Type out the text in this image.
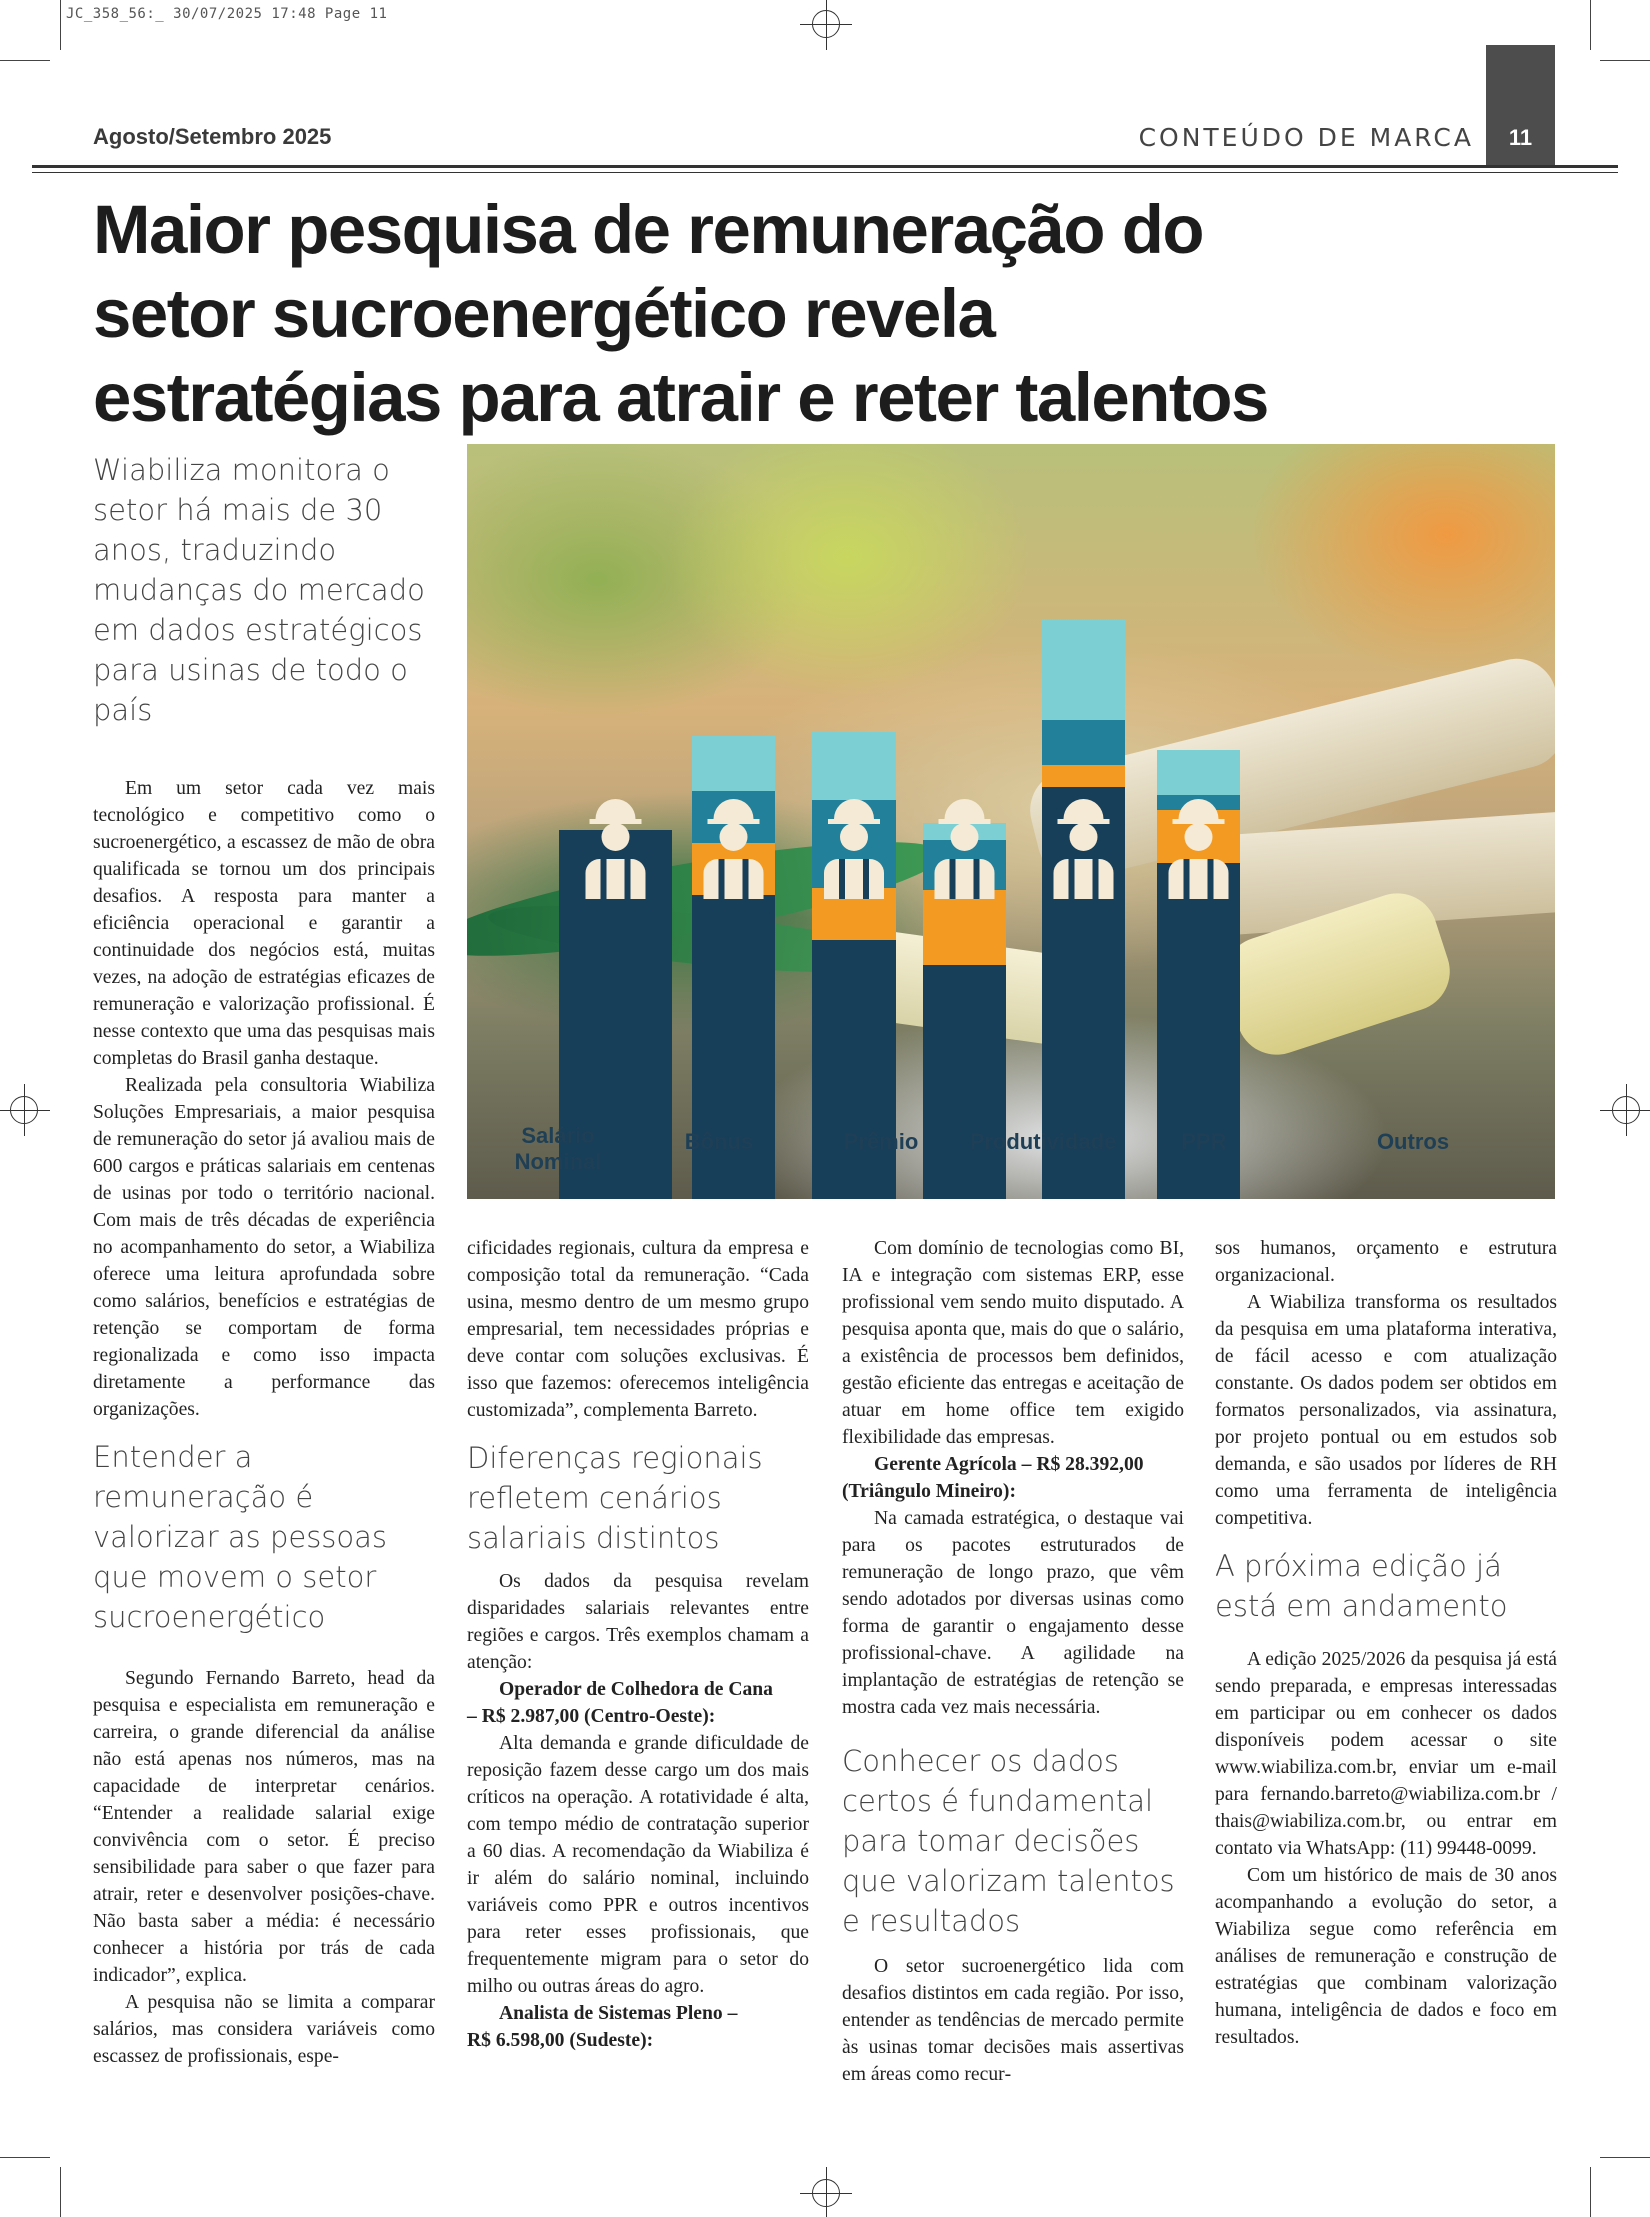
JC_358_56:_ 30/07/2025 17:48 Page 11
Agosto/Setembro 2025	CONTEÚDO DE MARCA	11
Maior pesquisa de remuneração do
setor sucroenergético revela
estratégias para atrair e reter talentos
Wiabiliza monitora o setor há mais de 30 anos, traduzindo mudanças do mercado em dados estratégicos para usinas de todo o país
Salário
Nominal
Bônus	Prêmio Produtividade	PPR	Outros

Em um setor cada vez mais tecnológico e competitivo como o sucroenergético, a escassez de mão de obra qualificada se tornou um dos principais desafios. A resposta para manter a eficiência operacional e garantir a continuidade dos negócios está, muitas vezes, na adoção de estratégias eficazes de remuneração e valorização profissional. É nesse contexto que uma das pesquisas mais completas do Brasil ganha destaque.

Realizada pela consultoria Wiabiliza Soluções Empresariais, a maior pesquisa de remuneração do setor já avaliou mais de 600 cargos e práticas salariais em centenas de usinas por todo o território nacional. Com mais de três décadas de experiência no acompanhamento do setor, a Wiabiliza oferece uma leitura aprofundada sobre como salários, benefícios e estratégias de retenção se comportam de forma regionalizada e como isso impacta diretamente a performance das organizações.

Entender a remuneração é valorizar as pessoas que movem o setor sucroenergético

Segundo Fernando Barreto, head da pesquisa e especialista em remuneração e carreira, o grande diferencial da análise não está apenas nos números, mas na capacidade de interpretar cenários. “Entender a realidade salarial exige convivência com o setor. É preciso sensibilidade para saber o que fazer para atrair, reter e desenvolver posições‑chave. Não basta saber a média: é necessário conhecer a história por trás de cada indicador”, explica.

A pesquisa não se limita a comparar salários, mas considera variáveis como escassez de profissionais, espe‑

cificidades regionais, cultura da empresa e composição total da remuneração. “Cada usina, mesmo dentro de um mesmo grupo empresarial, tem necessidades próprias e deve contar com soluções exclusivas. É isso que fazemos: oferecemos inteligência customizada”, complementa Barreto.

Diferenças regionais refletem cenários salariais distintos

Os dados da pesquisa revelam disparidades salariais relevantes entre regiões e cargos. Três exemplos chamam a atenção:

Operador de Colhedora de Cana

– R$ 2.987,00 (Centro‑Oeste):

Alta demanda e grande dificuldade de reposição fazem desse cargo um dos mais críticos na operação. A rotatividade é alta, com tempo médio de contratação superior a 60 dias. A recomendação da Wiabiliza é ir além do salário nominal, incluindo variáveis como PPR e outros incentivos para reter esses profissionais, que frequentemente migram para o setor do milho ou outras áreas do agro.

Analista de Sistemas Pleno –

R$ 6.598,00 (Sudeste):

Com domínio de tecnologias como BI, IA e integração com sistemas ERP, esse profissional vem sendo muito disputado. A pesquisa aponta que, mais do que o salário, a existência de processos bem definidos, gestão eficiente das entregas e aceitação de atuar em home office tem exigido flexibilidade das empresas.

Gerente Agrícola – R$ 28.392,00

(Triângulo Mineiro):

Na camada estratégica, o destaque vai para os pacotes estruturados de remuneração de longo prazo, que vêm sendo adotados por diversas usinas como forma de garantir o engajamento desse profissional‑chave. A agilidade na implantação de estratégias de retenção se mostra cada vez mais necessária.

Conhecer os dados certos é fundamental para tomar decisões que valorizam talentos e resultados

O setor sucroenergético lida com desafios distintos em cada região. Por isso, entender as tendências de mercado permite às usinas tomar decisões mais assertivas em áreas como recur‑

sos humanos, orçamento e estrutura organizacional.

A Wiabiliza transforma os resultados da pesquisa em uma plataforma interativa, de fácil acesso e com atualização constante. Os dados podem ser obtidos em formatos personalizados, via assinatura, por projeto pontual ou em estudos sob demanda, e são usados por líderes de RH como uma ferramenta de inteligência competitiva.

A próxima edição já está em andamento

A edição 2025/2026 da pesquisa já está sendo preparada, e empresas interessadas em participar ou em conhecer os dados disponíveis podem acessar o site www.wiabiliza.com.br, enviar um e‑mail para fernando.barreto@wiabiliza.com.br / thais@wiabiliza.com.br, ou entrar em contato via WhatsApp: (11) 99448‑0099.

Com um histórico de mais de 30 anos acompanhando a evolução do setor, a Wiabiliza segue como referência em análises de remuneração e construção de estratégias que combinam valorização humana, inteligência de dados e foco em resultados.
